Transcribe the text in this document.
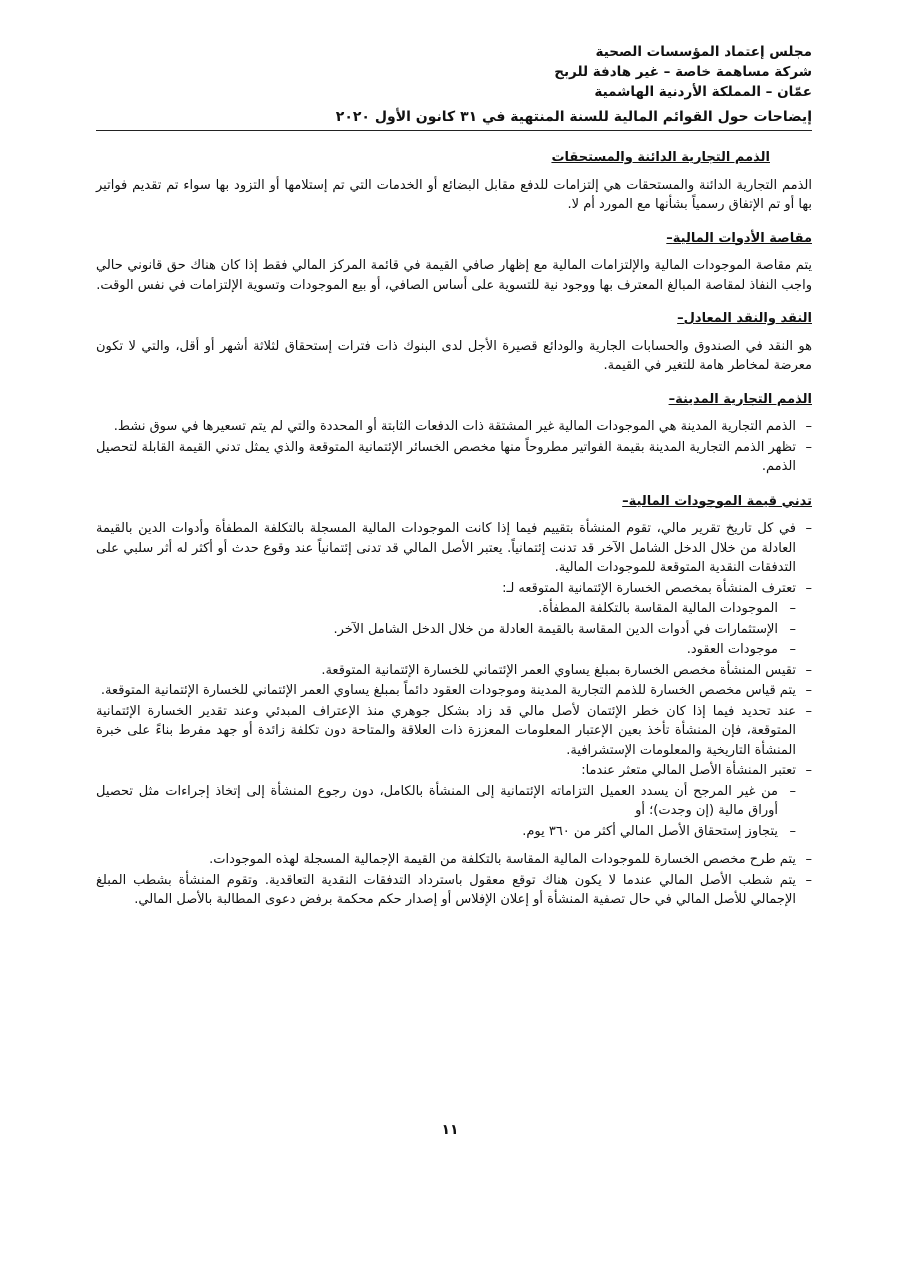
مجلس إعتماد المؤسسات الصحية
شركة مساهمة خاصة – غير هادفة للربح
عمّان – المملكة الأردنية الهاشمية
إيضاحات حول القوائم المالية للسنة المنتهية في ٣١ كانون الأول ٢٠٢٠
الذمم التجارية الدائنة والمستحقات
الذمم التجارية الدائنة والمستحقات هي إلتزامات للدفع مقابل البضائع أو الخدمات التي تم إستلامها أو التزود بها سواء تم تقديم فواتير بها أو تم الإتفاق رسمياً بشأنها مع المورد أم لا.
مقاصة الأدوات المالية
–
يتم مقاصة الموجودات المالية والإلتزامات المالية مع إظهار صافي القيمة في قائمة المركز المالي فقط إذا كان هناك حق قانوني حالي واجب النفاذ لمقاصة المبالغ المعترف بها ووجود نية للتسوية على أساس الصافي، أو بيع الموجودات وتسوية الإلتزامات في نفس الوقت.
النقد والنقد المعادل
–
هو النقد في الصندوق والحسابات الجارية والودائع قصيرة الأجل لدى البنوك ذات فترات إستحقاق لثلاثة أشهر أو أقل، والتي لا تكون معرضة لمخاطر هامة للتغير في القيمة.
الذمم التجارية المدينة
–
–
الذمم التجارية المدينة هي الموجودات المالية غير المشتقة ذات الدفعات الثابتة أو المحددة والتي لم يتم تسعيرها في سوق نشط.
–
تظهر الذمم التجارية المدينة بقيمة الفواتير مطروحاً منها مخصص الخسائر الإئتمانية المتوقعة والذي يمثل تدني القيمة القابلة لتحصيل الذمم.
تدني قيمة الموجودات المالية
–
–
في كل تاريخ تقرير مالي، تقوم المنشأة بتقييم فيما إذا كانت الموجودات المالية المسجلة بالتكلفة المطفأة وأدوات الدين بالقيمة العادلة من خلال الدخل الشامل الآخر قد تدنت إئتمانياً. يعتبر الأصل المالي قد تدنى إئتمانياً عند وقوع حدث أو أكثر له أثر سلبي على التدفقات النقدية المتوقعة للموجودات المالية.
–
تعترف المنشأة بمخصص الخسارة الإئتمانية المتوقعه لـ:
–
الموجودات المالية المقاسة بالتكلفة المطفأة.
–
الإستثمارات في أدوات الدين المقاسة بالقيمة العادلة من خلال الدخل الشامل الآخر.
–
موجودات العقود.
–
تقيس المنشأة مخصص الخسارة بمبلغ يساوي العمر الإئتماني للخسارة الإئتمانية المتوقعة.
–
يتم قياس مخصص الخسارة للذمم التجارية المدينة وموجودات العقود دائماً بمبلغ يساوي العمر الإئتماني للخسارة الإئتمانية المتوقعة.
–
عند تحديد فيما إذا كان خطر الإئتمان لأصل مالي قد زاد بشكل جوهري منذ الإعتراف المبدئي وعند تقدير الخسارة الإئتمانية المتوقعة، فإن المنشأة تأخذ بعين الإعتبار المعلومات المعززة ذات العلاقة والمتاحة دون تكلفة زائدة أو جهد مفرط بناءً على خبرة المنشأة التاريخية والمعلومات الإستشرافية.
–
تعتبر المنشأة الأصل المالي متعثر عندما:
–
من غير المرجح أن يسدد العميل التزاماته الإئتمانية إلى المنشأة بالكامل، دون رجوع المنشأة إلى إتخاذ إجراءات مثل تحصيل أوراق مالية (إن وجدت)؛ أو
–
يتجاوز إستحقاق الأصل المالي أكثر من ٣٦٠ يوم.
–
يتم طرح مخصص الخسارة للموجودات المالية المقاسة بالتكلفة من القيمة الإجمالية المسجلة لهذه الموجودات.
–
يتم شطب الأصل المالي عندما لا يكون هناك توقع معقول باسترداد التدفقات النقدية التعاقدية. وتقوم المنشأة بشطب المبلغ الإجمالي للأصل المالي في حال تصفية المنشأة أو إعلان الإفلاس أو إصدار حكم محكمة برفض دعوى المطالبة بالأصل المالي.
١١
